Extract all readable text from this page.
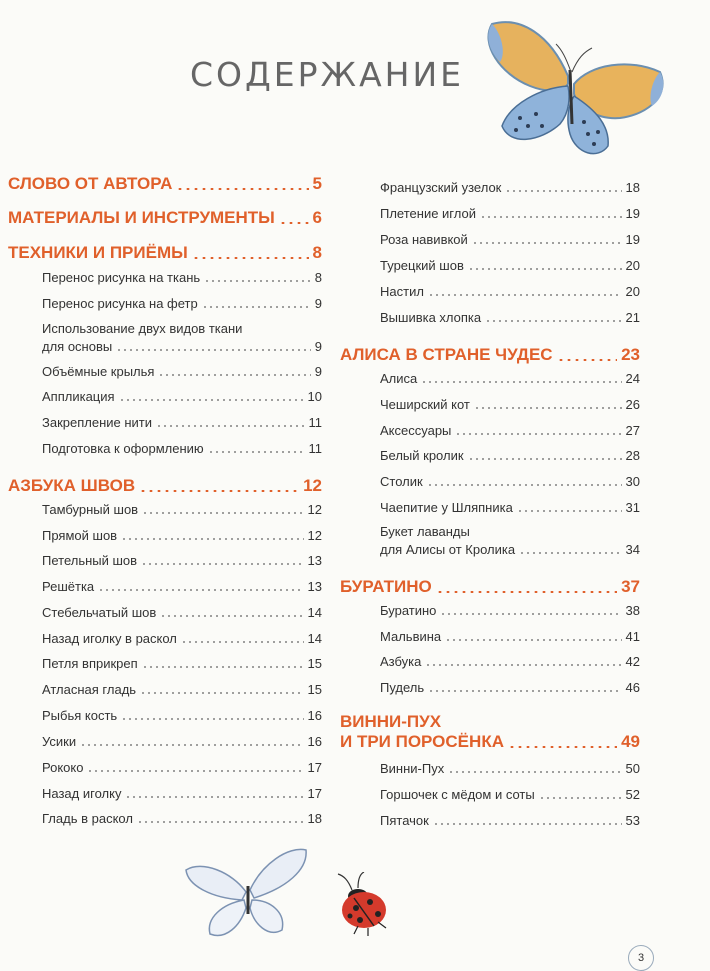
СОДЕРЖАНИЕ
СЛОВО ОТ АВТОРА	5
МАТЕРИАЛЫ И ИНСТРУМЕНТЫ 6
ТЕХНИКИ И ПРИЁМЫ	8
Перенос рисунка на ткань	8
Перенос рисунка на фетр	9
Использование двух видов ткани
для основы	9
Объёмные крылья	9
Аппликация	10
Закрепление нити	11
Подготовка к оформлению	11
АЗБУКА ШВОВ	12
Тамбурный шов	12
Прямой шов	12
Петельный шов	13
Решётка	13
Стебельчатый шов	14
Назад иголку в раскол	14
Петля вприкреп	15
Атласная гладь	15
Рыбья кость	16
Усики	16
Рококо	17
Назад иголку	17
Гладь в раскол	18
Французский узелок	18
Плетение иглой	19
Роза навивкой	19
Турецкий шов	20
Настил	20
Вышивка хлопка	21
АЛИСА В СТРАНЕ ЧУДЕС	23
Алиса	24
Чеширский кот	26
Аксессуары	27
Белый кролик	28
Столик	30
Чаепитие у Шляпника	31
Букет лаванды
для Алисы от Кролика	34
БУРАТИНО	37
Буратино	38
Мальвина	41
Азбука	42
Пудель	46
ВИННИ-ПУХ
И ТРИ ПОРОСЁНКА	49
Винни-Пух	50
Горшочек с мёдом и соты	52
Пятачок	53
3
